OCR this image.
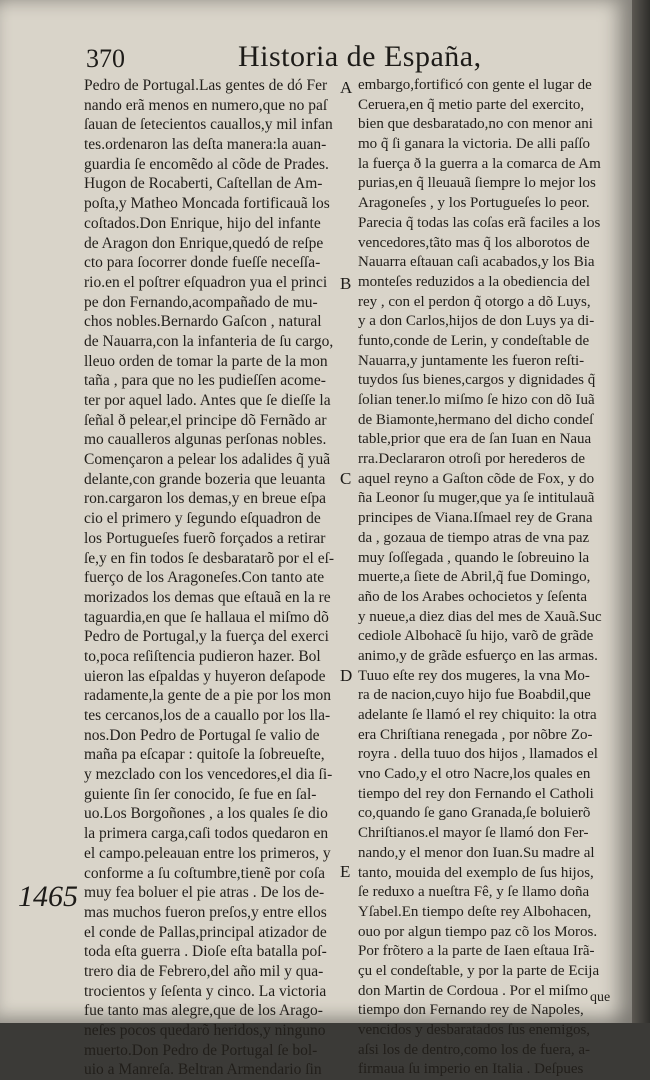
370	Historia de España,
Pedro de Portugal.Las gentes de dó Fer
nando erã menos en numero,que no paſ
ſauan de ſetecientos cauallos,y mil infan
tes.ordenaron las deſta manera:la auan-
guardia ſe encomẽdo al cõde de Prades.
Hugon de Rocaberti, Caſtellan de Am-
poſta,y Matheo Moncada fortificauã los
coſtados.Don Enrique, hijo del infante
de Aragon don Enrique,quedó de reſpe
cto para ſocorrer donde fueſſe neceſſa-
rio.en el poſtrer eſquadron yua el princi
pe don Fernando,acompañado de mu-
chos nobles.Bernardo Gaſcon , natural
de Nauarra,con la infanteria de ſu cargo,
lleuo orden de tomar la parte de la mon
taña , para que no les pudieſſen acome-
ter por aquel lado. Antes que ſe dieſſe la
ſeñal ð pelear,el principe dõ Fernãdo ar
mo caualleros algunas perſonas nobles.
Començaron a pelear los adalides q̃ yuã
delante,con grande bozeria que leuanta
ron.cargaron los demas,y en breue eſpa
cio el primero y ſegundo eſquadron de
los Portugueſes fuerõ forçados a retirar
ſe,y en fin todos ſe desbaratarõ por el eſ-
fuerço de los Aragoneſes.Con tanto ate
morizados los demas que eſtauã en la re
taguardia,en que ſe hallaua el miſmo dõ
Pedro de Portugal,y la fuerça del exerci
to,poca reſiſtencia pudieron hazer. Bol
uieron las eſpaldas y huyeron deſapode
radamente,la gente de a pie por los mon
tes cercanos,los de a cauallo por los lla-
nos.Don Pedro de Portugal ſe valio de
maña pa eſcapar : quitoſe la ſobreueſte,
y mezclado con los vencedores,el dia ſi-
guiente ſin ſer conocido, ſe fue en ſal-
uo.Los Borgoñones , a los quales ſe dio
la primera carga,caſi todos quedaron en
el campo.peleauan entre los primeros, y
conforme a ſu coſtumbre,tienẽ por coſa
muy fea boluer el pie atras . De los de-
mas muchos fueron preſos,y entre ellos
el conde de Pallas,principal atizador de
toda eſta guerra . Dioſe eſta batalla poſ-
trero dia de Febrero,del año mil y qua-
trocientos y ſeſenta y cinco. La victoria
fue tanto mas alegre,que de los Arago-
neſes pocos quedarõ heridos,y ninguno
muerto.Don Pedro de Portugal ſe bol-
uio a Manreſa. Beltran Armendario ſin
embargo,fortificó con gente el lugar de
Ceruera,en q̃ metio parte del exercito,
bien que desbaratado,no con menor ani
mo q̃ ſi ganara la victoria. De alli paſſo
la fuerça ð la guerra a la comarca de Am
purias,en q̃ lleuauã ſiempre lo mejor los
Aragoneſes , y los Portugueſes lo peor.
Parecia q̃ todas las coſas erã faciles a los
vencedores,tãto mas q̃ los alborotos de
Nauarra eſtauan caſi acabados,y los Bia
monteſes reduzidos a la obediencia del
rey , con el perdon q̃ otorgo a dõ Luys,
y a don Carlos,hijos de don Luys ya di-
funto,conde de Lerin, y condeſtable de
Nauarra,y juntamente les fueron reſti-
tuydos ſus bienes,cargos y dignidades q̃
ſolian tener.lo miſmo ſe hizo con dõ Iuã
de Biamonte,hermano del dicho condeſ
table,prior que era de ſan Iuan en Naua
rra.Declararon otroſi por herederos de
aquel reyno a Gaſton cõde de Fox, y do
ña Leonor ſu muger,que ya ſe intitulauã
principes de Viana.Iſmael rey de Grana
da , gozaua de tiempo atras de vna paz
muy ſoſſegada , quando le ſobreuino la
muerte,a ſiete de Abril,q̃ fue Domingo,
año de los Arabes ochocietos y ſeſenta
y nueue,a diez dias del mes de Xauã.Suc
cediole Albohacẽ ſu hijo, varõ de grãde
animo,y de grãde esfuerço en las armas.
Tuuo eſte rey dos mugeres, la vna Mo-
ra de nacion,cuyo hijo fue Boabdil,que
adelante ſe llamó el rey chiquito: la otra
era Chriſtiana renegada , por nõbre Zo-
royra . della tuuo dos hijos , llamados el
vno Cado,y el otro Nacre,los quales en
tiempo del rey don Fernando el Catholi
co,quando ſe gano Granada,ſe boluierõ
Chriſtianos.el mayor ſe llamó don Fer-
nando,y el menor don Iuan.Su madre al
tanto, mouida del exemplo de ſus hijos,
ſe reduxo a nueſtra Fê, y ſe llamo doña
Yſabel.En tiempo deſte rey Albohacen,
ouo por algun tiempo paz cõ los Moros.
Por frõtero a la parte de Iaen eſtaua Irã-
çu el condeſtable, y por la parte de Ecija
don Martin de Cordoua . Por el miſmo
tiempo don Fernando rey de Napoles,
vencidos y desbaratados ſus enemigos,
aſsi los de dentro,como los de fuera, a-
firmaua ſu imperio en Italia . Deſpues
A
B
C
D
E
1465
que
